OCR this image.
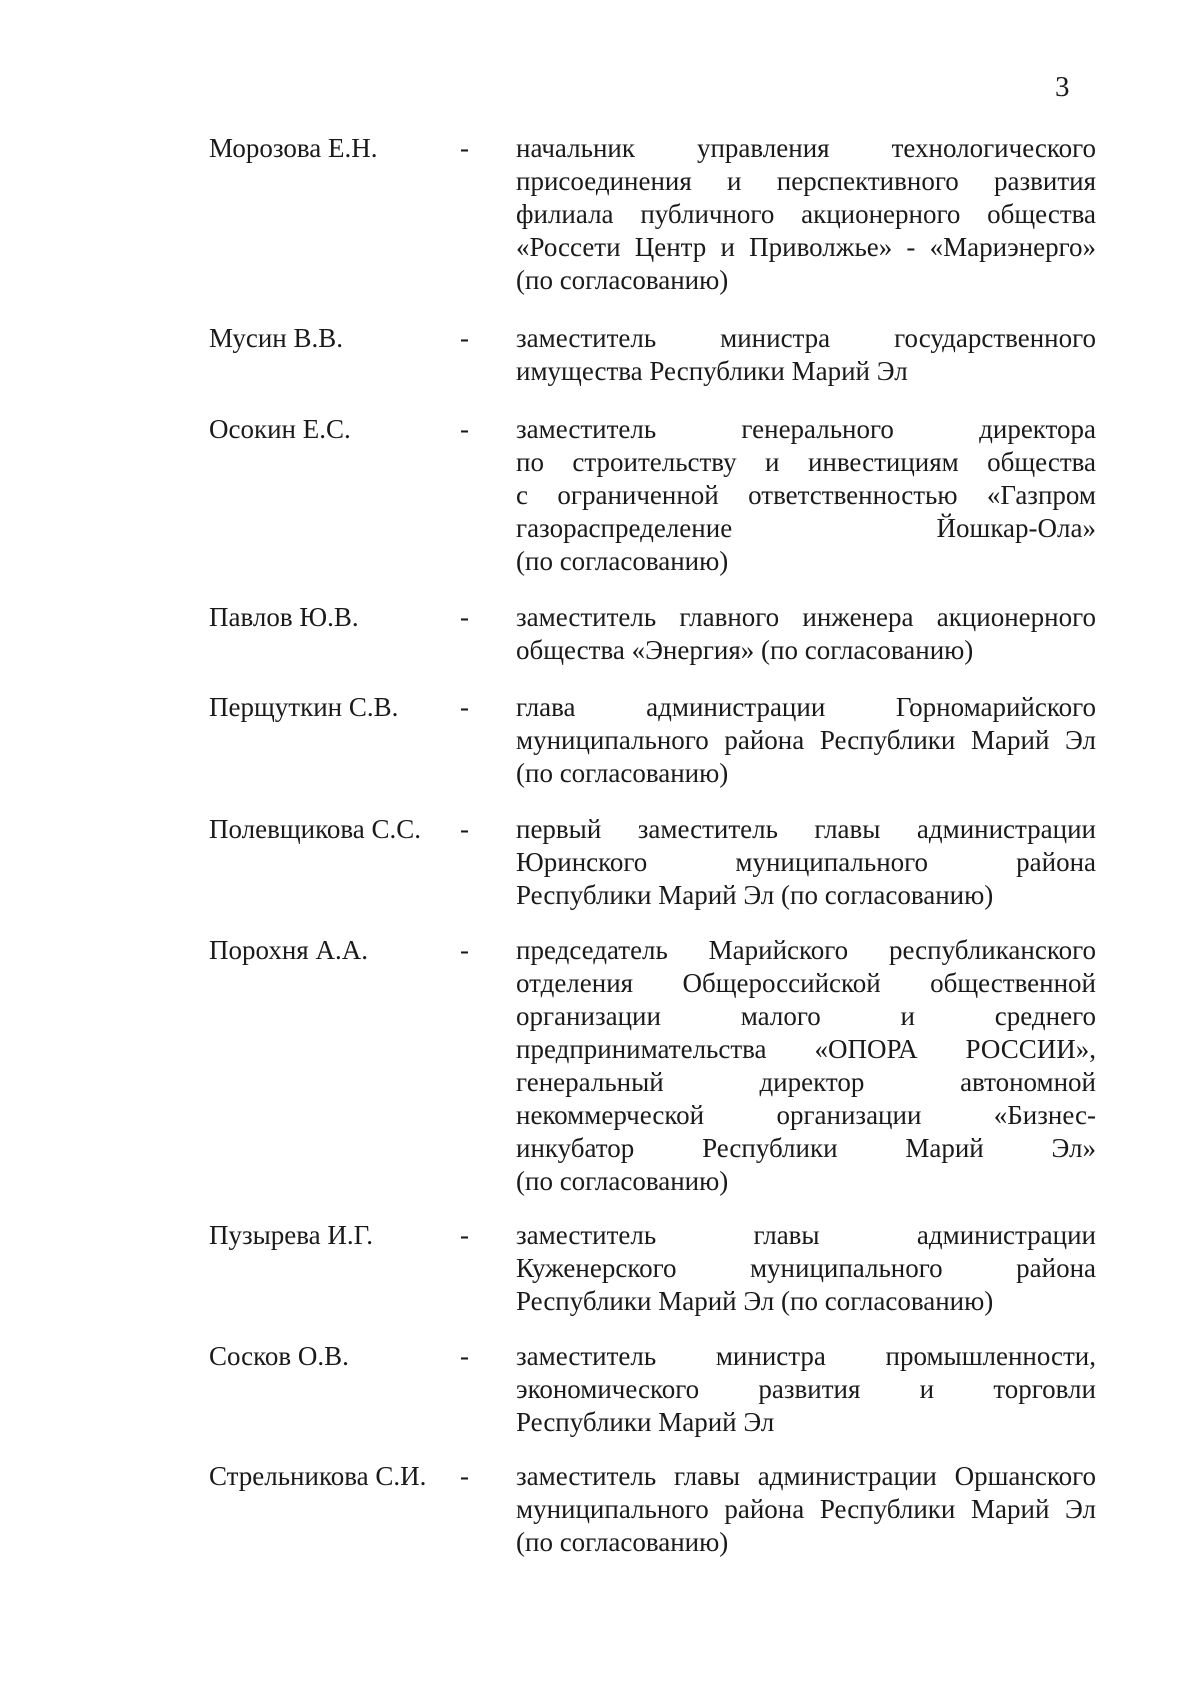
3
Морозова Е.Н.	-	начальник управления технологического
присоединения и перспективного развития
филиала публичного акционерного общества
«Россети Центр и Приволжье» - «Мариэнерго»
(по согласованию)
Мусин В.В.	-	заместитель министра государственного
имущества Республики Марий Эл
Осокин Е.С.	-	заместитель генерального директора
по строительству и инвестициям общества
с ограниченной ответственностью «Газпром
газораспределение Йошкар-Ола»
(по согласованию)
Павлов Ю.В.	-	заместитель главного инженера акционерного
общества «Энергия» (по согласованию)
Перщуткин С.В.	-	глава администрации Горномарийского
муниципального района Республики Марий Эл
(по согласованию)
Полевщикова С.С.	-	первый заместитель главы администрации
Юринского муниципального района
Республики Марий Эл (по согласованию)
Порохня А.А.	-	председатель Марийского республиканского
отделения Общероссийской общественной
организации малого и среднего
предпринимательства «ОПОРА РОССИИ»,
генеральный директор автономной
некоммерческой организации «Бизнес-
инкубатор Республики Марий Эл»
(по согласованию)
Пузырева И.Г.	-	заместитель главы администрации
Куженерского муниципального района
Республики Марий Эл (по согласованию)
Сосков О.В.	-	заместитель министра промышленности,
экономического развития и торговли
Республики Марий Эл
Стрельникова С.И.	-	заместитель главы администрации Оршанского
муниципального района Республики Марий Эл
(по согласованию)
